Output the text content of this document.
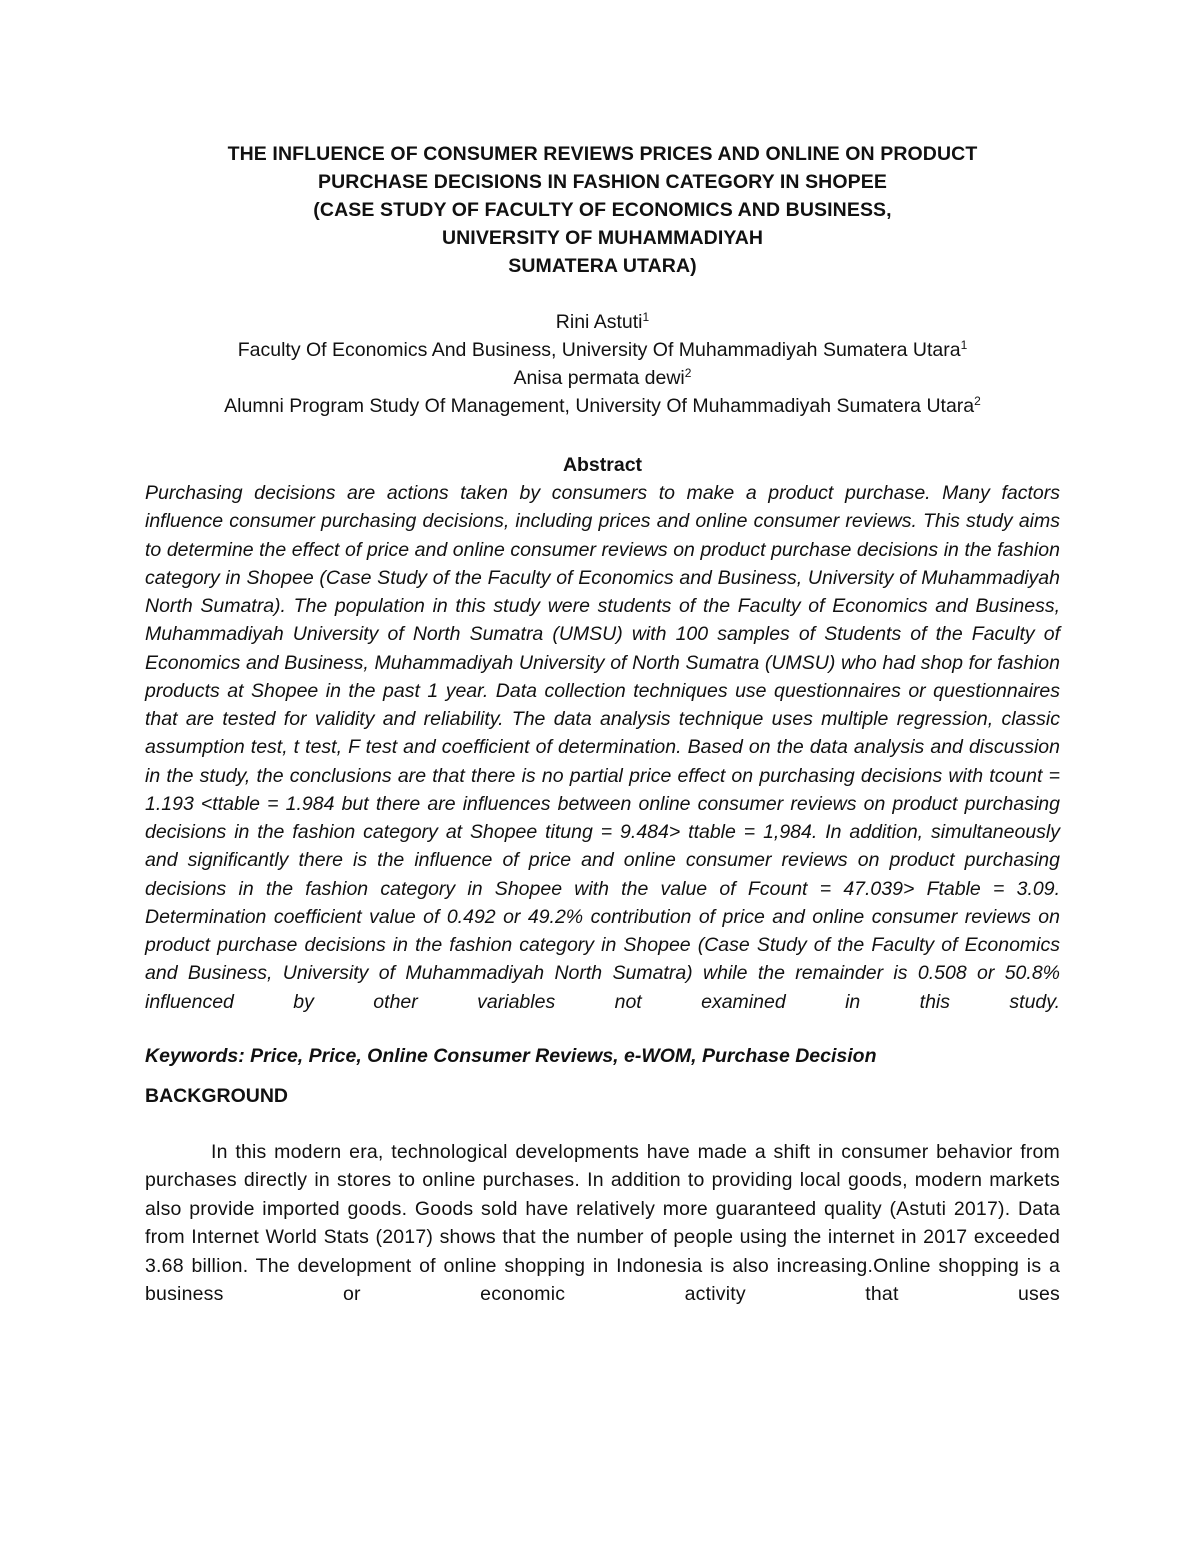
THE INFLUENCE OF CONSUMER REVIEWS PRICES AND ONLINE ON PRODUCT
PURCHASE DECISIONS IN FASHION CATEGORY IN SHOPEE
(CASE STUDY OF FACULTY OF ECONOMICS AND BUSINESS,
UNIVERSITY OF MUHAMMADIYAH
SUMATERA UTARA)
Rini Astuti$^1$
Faculty Of Economics And Business, University Of Muhammadiyah Sumatera Utara$^1$
Anisa permata dewi$^2$
Alumni Program Study Of Management, University Of Muhammadiyah Sumatera Utara$^2$
Abstract

Purchasing decisions are actions taken by consumers to make a product purchase. Many factors influence consumer purchasing decisions, including prices and online consumer reviews. This study aims to determine the effect of price and online consumer reviews on product purchase decisions in the fashion category in Shopee (Case Study of the Faculty of Economics and Business, University of Muhammadiyah North Sumatra). The population in this study were students of the Faculty of Economics and Business, Muhammadiyah University of North Sumatra (UMSU) with 100 samples of Students of the Faculty of Economics and Business, Muhammadiyah University of North Sumatra (UMSU) who had shop for fashion products at Shopee in the past 1 year. Data collection techniques use questionnaires or questionnaires that are tested for validity and reliability. The data analysis technique uses multiple regression, classic assumption test, t test, F test and coefficient of determination. Based on the data analysis and discussion in the study, the conclusions are that there is no partial price effect on purchasing decisions with tcount = 1.193 <ttable = 1.984 but there are influences between online consumer reviews on product purchasing decisions in the fashion category at Shopee titung = 9.484> ttable = 1,984. In addition, simultaneously and significantly there is the influence of price and online consumer reviews on product purchasing decisions in the fashion category in Shopee with the value of Fcount = 47.039> Ftable = 3.09. Determination coefficient value of 0.492 or 49.2% contribution of price and online consumer reviews on product purchase decisions in the fashion category in Shopee (Case Study of the Faculty of Economics and Business, University of Muhammadiyah North Sumatra) while the remainder is 0.508 or 50.8% influenced by other variables not examined in this study.

Keywords: Price, Price, Online Consumer Reviews, e-WOM, Purchase Decision
BACKGROUND
In this modern era, technological developments have made a shift in consumer behavior from purchases directly in stores to online purchases. In addition to providing local goods, modern markets also provide imported goods. Goods sold have relatively more guaranteed quality (Astuti 2017). Data from Internet World Stats (2017) shows that the number of people using the internet in 2017 exceeded 3.68 billion. The development of online shopping in Indonesia is also increasing.Online shopping is a business or economic activity that uses
